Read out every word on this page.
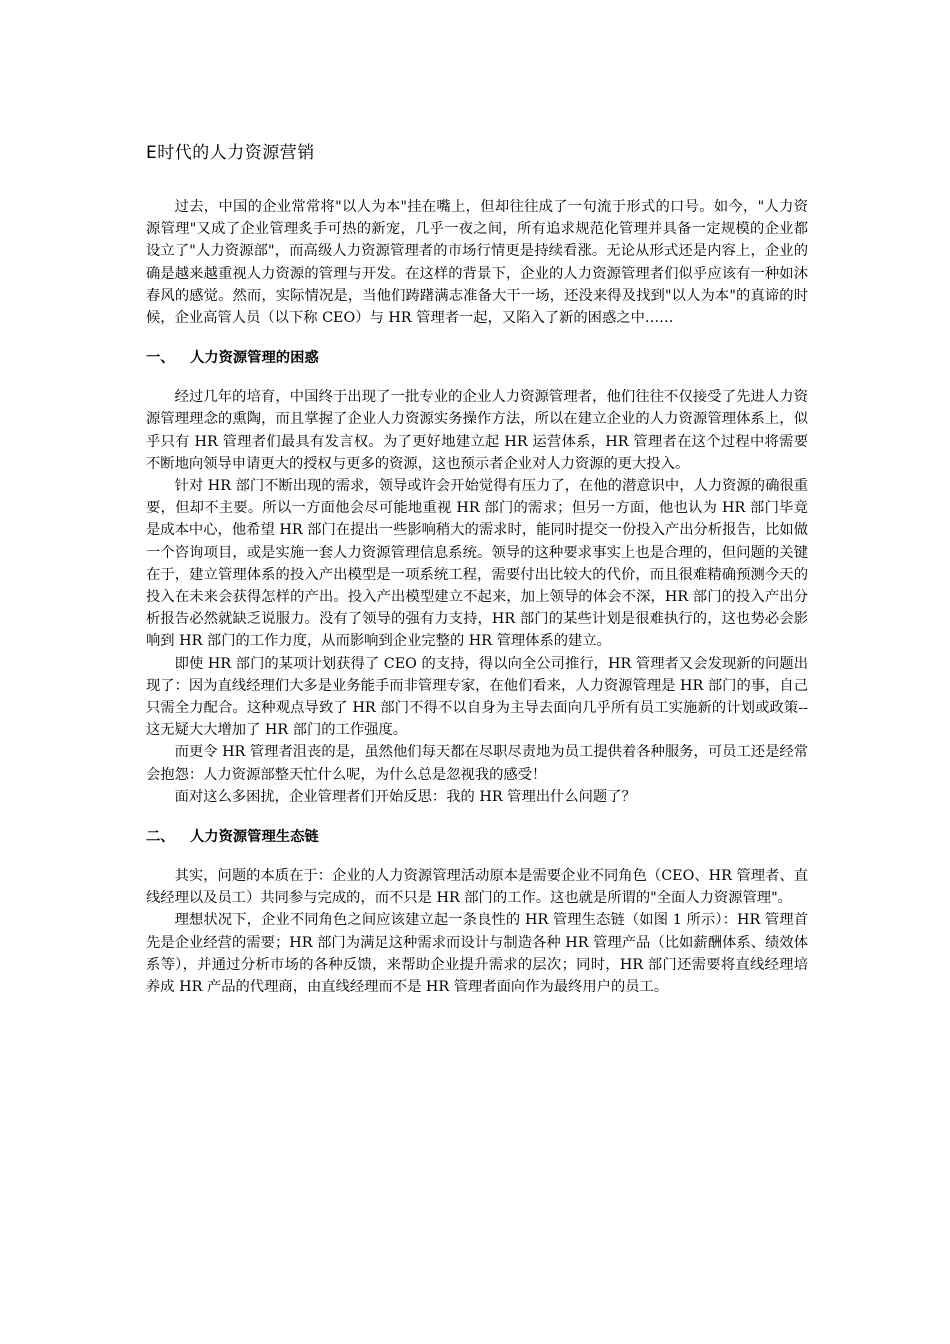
E时代的人力资源营销

过去，中国的企业常常将"以人为本"挂在嘴上，但却往往成了一句流于形式的口号。如今，"人力资源管理"又成了企业管理炙手可热的新宠，几乎一夜之间，所有追求规范化管理并具备一定规模的企业都设立了"人力资源部"，而高级人力资源管理者的市场行情更是持续看涨。无论从形式还是内容上，企业的确是越来越重视人力资源的管理与开发。在这样的背景下，企业的人力资源管理者们似乎应该有一种如沐春风的感觉。然而，实际情况是，当他们踌躇满志准备大干一场，还没来得及找到"以人为本"的真谛的时候，企业高管人员（以下称 CEO）与 HR 管理者一起，又陷入了新的困惑之中……

一、 人力资源管理的困惑

经过几年的培育，中国终于出现了一批专业的企业人力资源管理者，他们往往不仅接受了先进人力资源管理理念的熏陶，而且掌握了企业人力资源实务操作方法，所以在建立企业的人力资源管理体系上，似乎只有 HR 管理者们最具有发言权。为了更好地建立起 HR 运营体系，HR 管理者在这个过程中将需要不断地向领导申请更大的授权与更多的资源，这也预示者企业对人力资源的更大投入。

针对 HR 部门不断出现的需求，领导或许会开始觉得有压力了，在他的潜意识中，人力资源的确很重要，但却不主要。所以一方面他会尽可能地重视 HR 部门的需求；但另一方面，他也认为 HR 部门毕竟是成本中心，他希望 HR 部门在提出一些影响稍大的需求时，能同时提交一份投入产出分析报告，比如做一个咨询项目，或是实施一套人力资源管理信息系统。领导的这种要求事实上也是合理的，但问题的关键在于，建立管理体系的投入产出模型是一项系统工程，需要付出比较大的代价，而且很难精确预测今天的投入在未来会获得怎样的产出。投入产出模型建立不起来，加上领导的体会不深，HR 部门的投入产出分析报告必然就缺乏说服力。没有了领导的强有力支持，HR 部门的某些计划是很难执行的，这也势必会影响到 HR 部门的工作力度，从而影响到企业完整的 HR 管理体系的建立。

即使 HR 部门的某项计划获得了 CEO 的支持，得以向全公司推行，HR 管理者又会发现新的问题出现了：因为直线经理们大多是业务能手而非管理专家，在他们看来，人力资源管理是 HR 部门的事，自己只需全力配合。这种观点导致了 HR 部门不得不以自身为主导去面向几乎所有员工实施新的计划或政策--这无疑大大增加了 HR 部门的工作强度。

而更令 HR 管理者沮丧的是，虽然他们每天都在尽职尽责地为员工提供着各种服务，可员工还是经常会抱怨：人力资源部整天忙什么呢，为什么总是忽视我的感受！

面对这么多困扰，企业管理者们开始反思：我的 HR 管理出什么问题了？

二、 人力资源管理生态链

其实，问题的本质在于：企业的人力资源管理活动原本是需要企业不同角色（CEO、HR 管理者、直线经理以及员工）共同参与完成的，而不只是 HR 部门的工作。这也就是所谓的"全面人力资源管理"。

理想状况下，企业不同角色之间应该建立起一条良性的 HR 管理生态链（如图 1 所示）：HR 管理首先是企业经营的需要；HR 部门为满足这种需求而设计与制造各种 HR 管理产品（比如薪酬体系、绩效体系等），并通过分析市场的各种反馈，来帮助企业提升需求的层次；同时，HR 部门还需要将直线经理培养成 HR 产品的代理商，由直线经理而不是 HR 管理者面向作为最终用户的员工。
